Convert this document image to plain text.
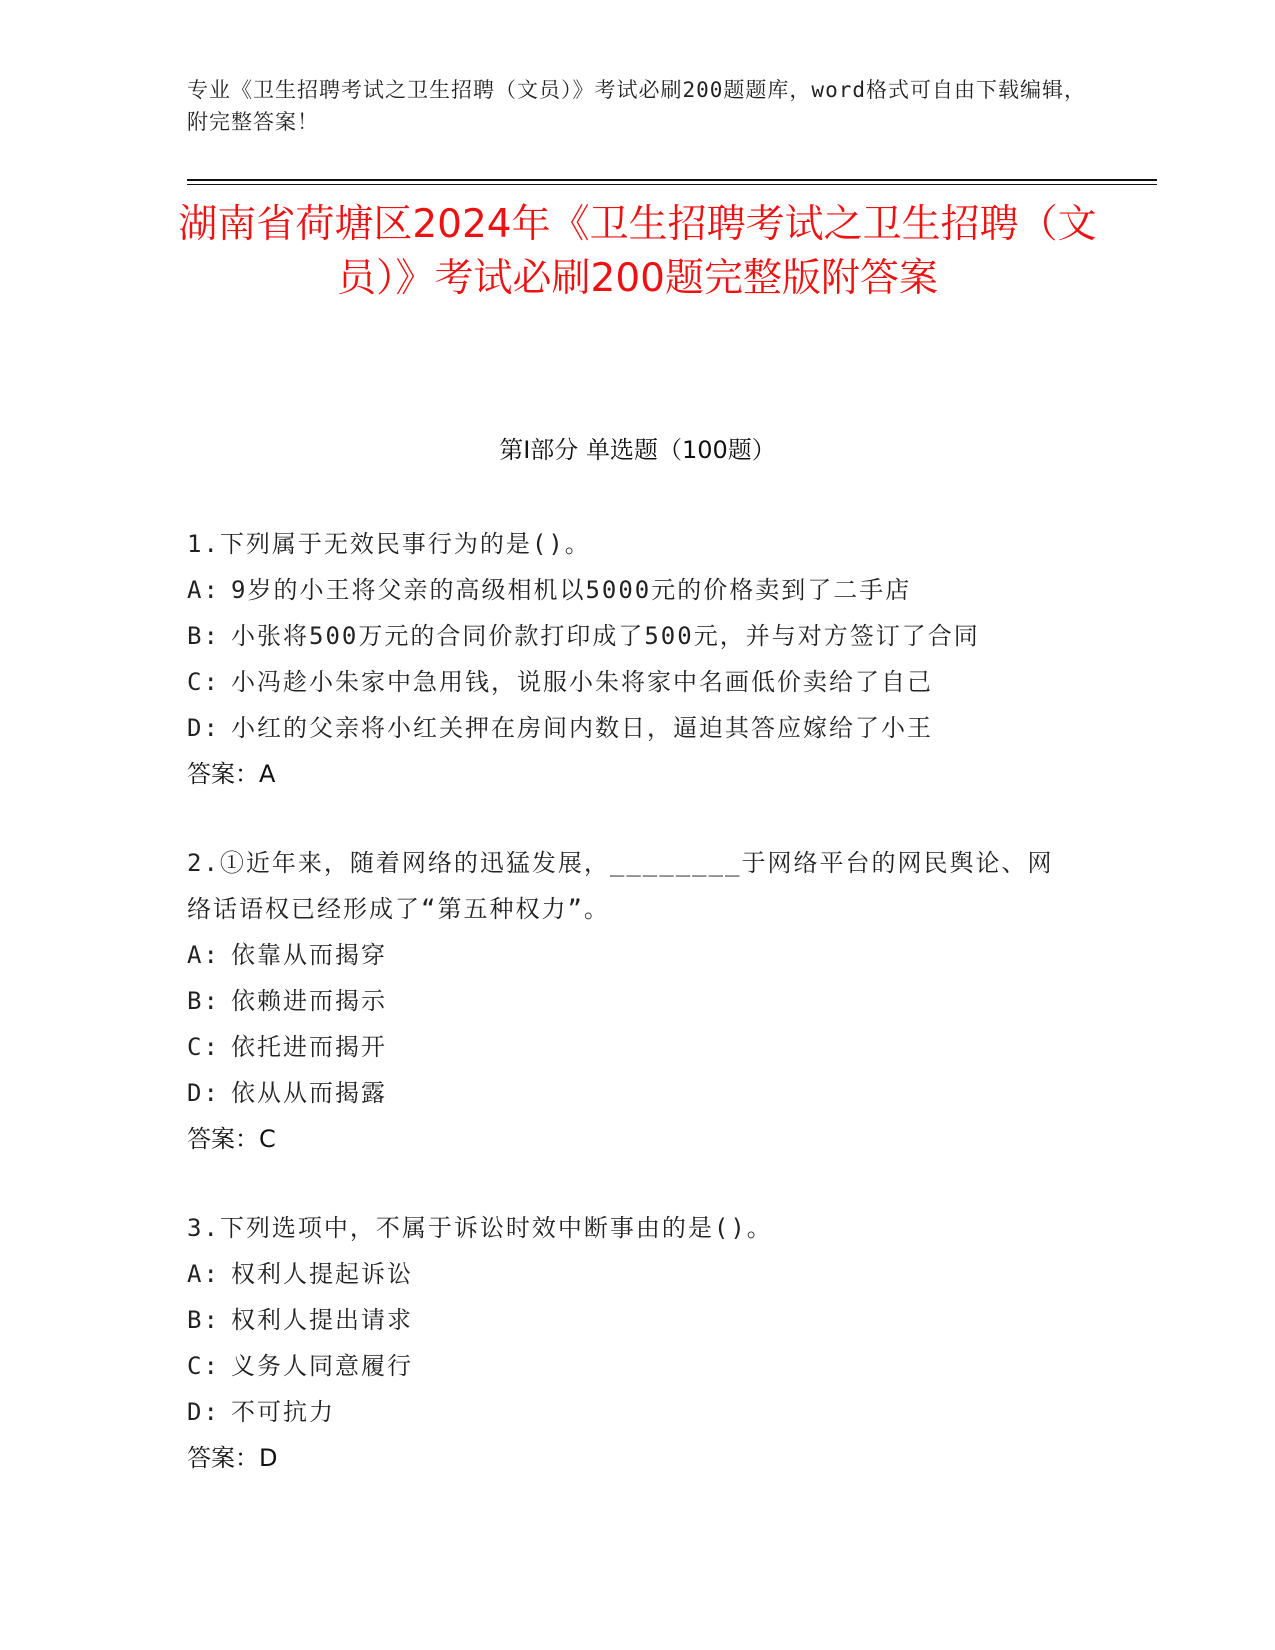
专业《卫生招聘考试之卫生招聘（文员）》考试必刷200题题库，word格式可自由下载编辑，附完整答案！
湖南省荷塘区2024年《卫生招聘考试之卫生招聘（文员）》考试必刷200题完整版附答案
第Ⅰ部分 单选题（100题）
1.下列属于无效民事行为的是()。
A: 9岁的小王将父亲的高级相机以5000元的价格卖到了二手店
B: 小张将500万元的合同价款打印成了500元，并与对方签订了合同
C: 小冯趁小朱家中急用钱，说服小朱将家中名画低价卖给了自己
D: 小红的父亲将小红关押在房间内数日，逼迫其答应嫁给了小王
答案：A
2.①近年来，随着网络的迅猛发展，________于网络平台的网民舆论、网络话语权已经形成了“第五种权力”。
A: 依靠从而揭穿
B: 依赖进而揭示
C: 依托进而揭开
D: 依从从而揭露
答案：C
3.下列选项中，不属于诉讼时效中断事由的是()。
A: 权利人提起诉讼
B: 权利人提出请求
C: 义务人同意履行
D: 不可抗力
答案：D
